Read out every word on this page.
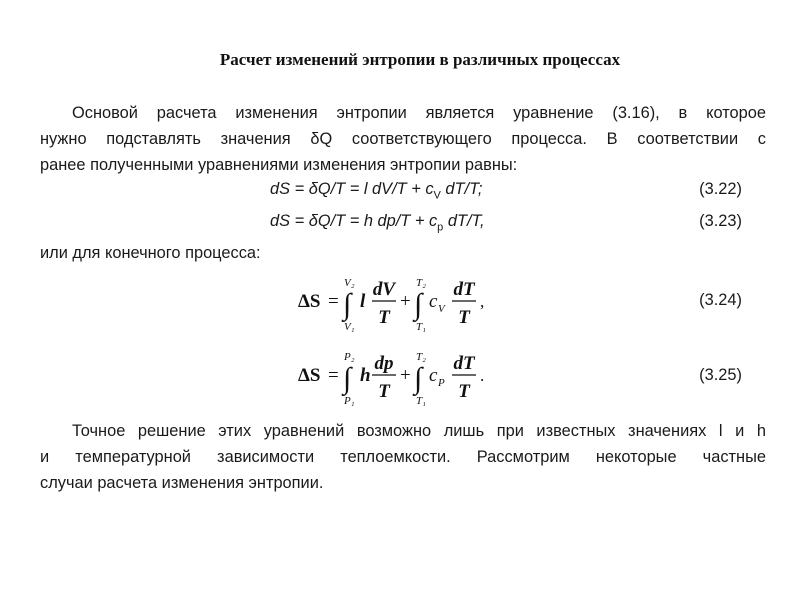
Расчет изменений энтропии в различных процессах
Основой расчета изменения энтропии является уравнение (3.16), в которое
нужно подставлять значения δQ соответствующего процесса. В соответствии с
ранее полученными уравнениями изменения энтропии равны:
dS = δQ/T = l $dV/T + c_V$ dT/T;	(3.22)
dS = δQ/T = h $dp/T + c_p$ dT/T,	(3.23)
или для конечного процесса:
ΔS = ∫
V₂
V₁
l
dV
T
+ ∫
T₂
T₁
c V
dT
T
,	(3.24)
ΔS = ∫
P₂
P₁
h
dp
T
+ ∫
T₂
T₁
c P
dT
T
.	(3.25)
Точное решение этих уравнений возможно лишь при известных значениях l и h
и температурной зависимости теплоемкости. Рассмотрим некоторые частные
случаи расчета изменения энтропии.
